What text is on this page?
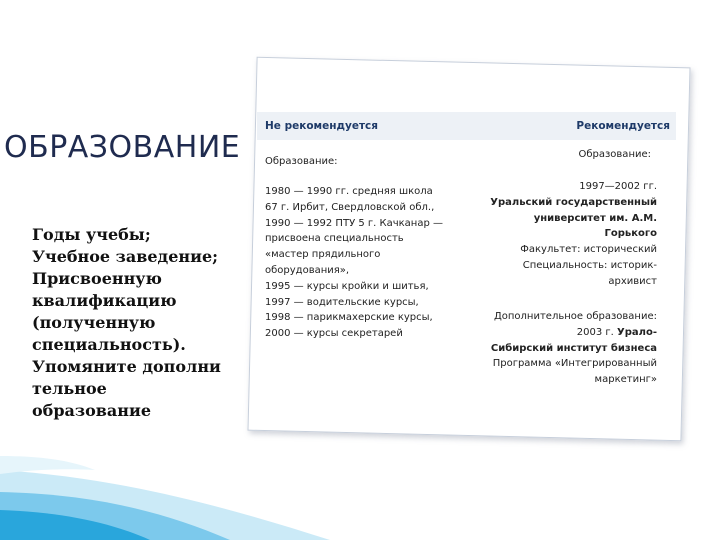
ОБРАЗОВАНИЕ
Годы учебы;
Учебное заведение;
Присвоенную
квалификацию
(полученную
специальность).
Упомяните дополни
тельное
образование
Не рекомендуется	Рекомендуется
Образование:
1980 — 1990 гг. средняя школа
67 г. Ирбит, Свердловской обл.,
1990 — 1992 ПТУ 5 г. Качканар —
присвоена специальность
«мастер прядильного
оборудования»,
1995 — курсы кройки и шитья,
1997 — водительские курсы,
1998 — парикмахерские курсы,
2000 — курсы секретарей
Образование:
1997—2002 гг.
Уральский государственный
университет им. А.М.
Горького
Факультет: исторический
Специальность: историк-
архивист
Дополнительное образование:
2003 г. Урало-
Сибирский институт бизнеса
Программа «Интегрированный
маркетинг»
